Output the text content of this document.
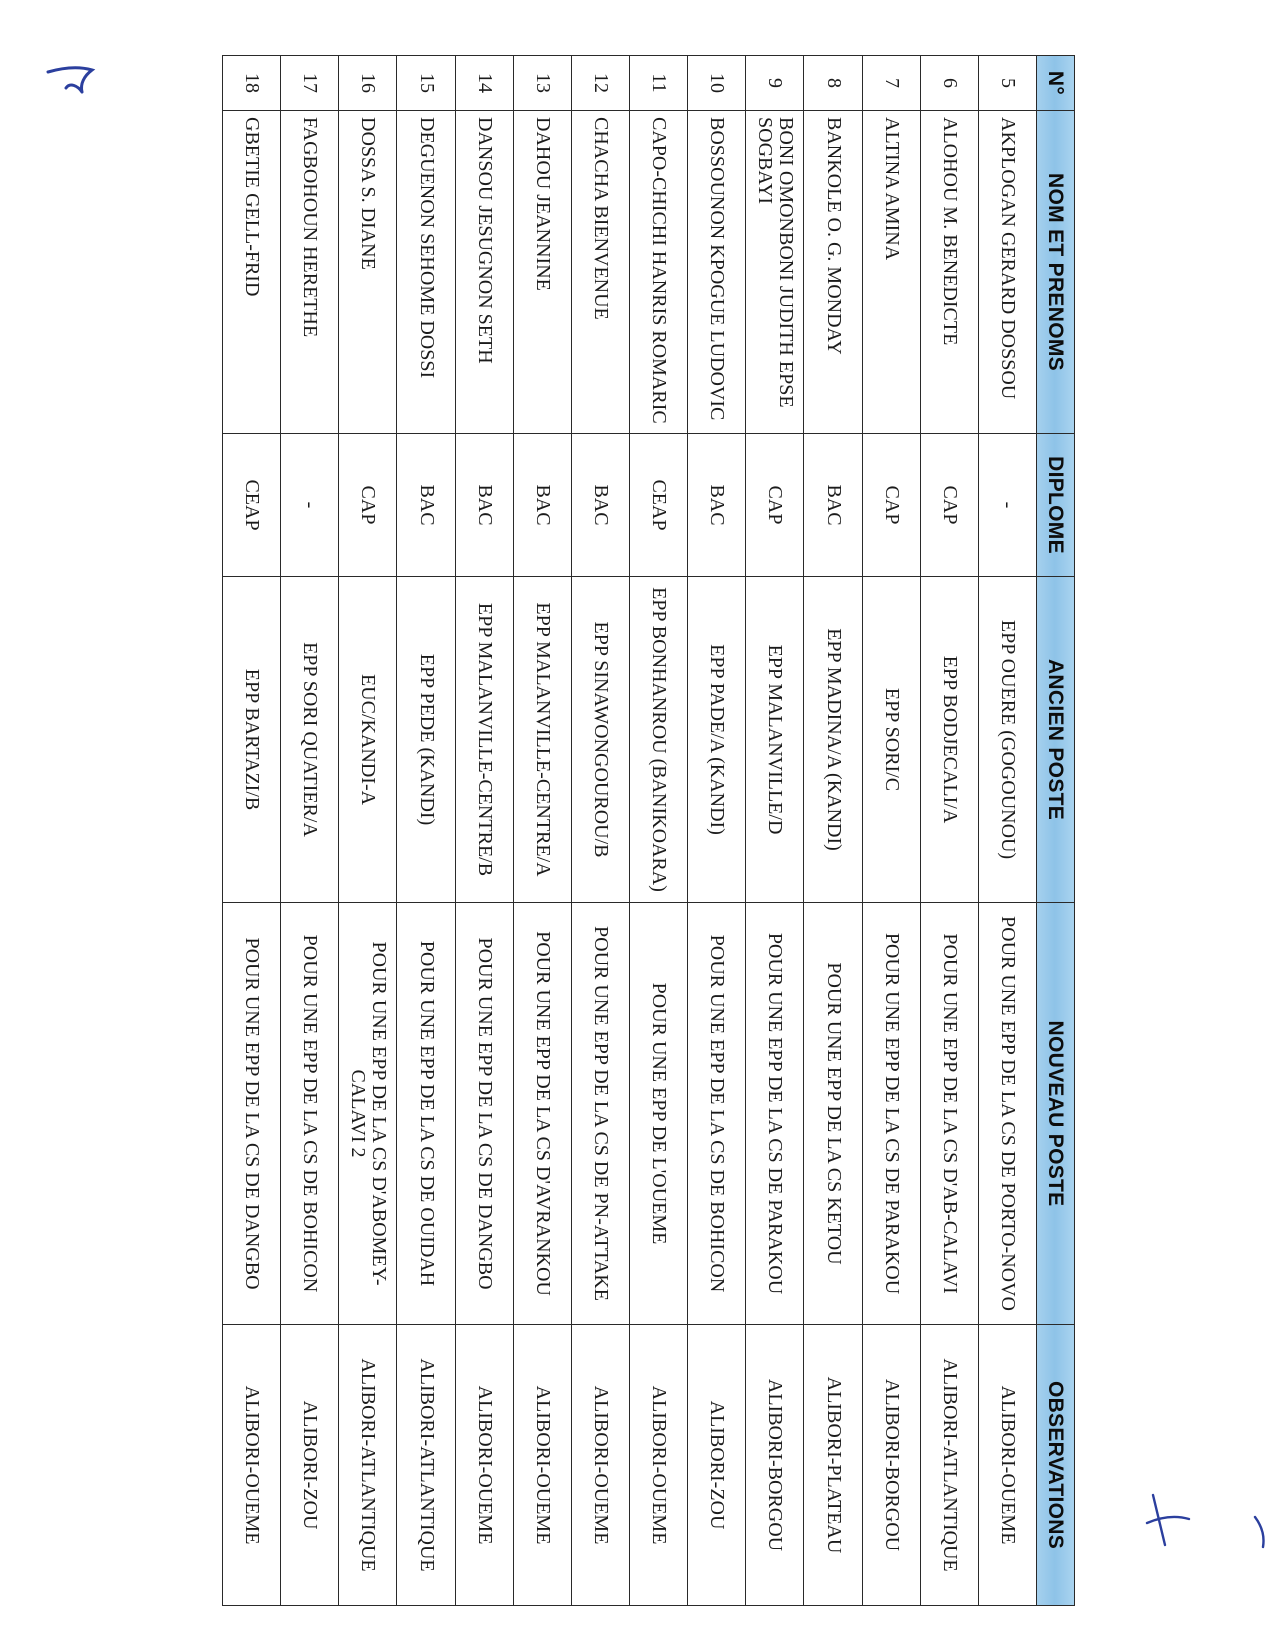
N°	NOM ET PRENOMS	DIPLOME	ANCIEN POSTE	NOUVEAU POSTE	OBSERVATIONS
5	AKPLOGAN GERARD DOSSOU	-	EPP OUERE (GOGOUNOU)	POUR UNE EPP DE LA CS DE PORTO-NOVO	ALIBORI-OUEME
6	ALOHOU M. BENEDICTE	CAP	EPP BODJECALI/A	POUR UNE EPP DE LA CS D'AB-CALAVI	ALIBORI-ATLANTIQUE
7	ALTINA AMINA	CAP	EPP SORI/C	POUR UNE EPP DE LA CS DE PARAKOU	ALIBORI-BORGOU
8	BANKOLE O. G. MONDAY	BAC	EPP MADINA/A (KANDI)	POUR UNE EPP DE LA CS KETOU	ALIBORI-PLATEAU
9	BONI OMONBONI JUDITH EPSE SOGBAYI	CAP	EPP MALANVILLE/D	POUR UNE EPP DE LA CS DE PARAKOU	ALIBORI-BORGOU
10	BOSSOUNON KPOGUE LUDOVIC	BAC	EPP PADE/A (KANDI)	POUR UNE EPP DE LA CS DE BOHICON	ALIBORI-ZOU
11	CAPO-CHICHI HANRIS ROMARIC	CEAP	EPP BONHANROU (BANIKOARA)	POUR UNE EPP DE L'OUEME	ALIBORI-OUEME
12	CHACHA BIENVENUE	BAC	EPP SINAWONGOUROU/B	POUR UNE EPP DE LA CS DE PN-ATTAKE	ALIBORI-OUEME
13	DAHOU JEANNINE	BAC	EPP MALANVILLE-CENTRE/A	POUR UNE EPP DE LA CS D'AVRANKOU	ALIBORI-OUEME
14	DANSOU JESUGNON SETH	BAC	EPP MALANVILLE-CENTRE/B	POUR UNE EPP DE LA CS DE DANGBO	ALIBORI-OUEME
15	DEGUENON SEHOME DOSSI	BAC	EPP PEDE (KANDI)	POUR UNE EPP DE LA CS DE OUIDAH	ALIBORI-ATLANTIQUE
16	DOSSA S. DIANE	CAP	EUC/KANDI-A	POUR UNE EPP DE LA CS D'ABOMEY-CALAVI 2	ALIBORI-ATLANTIQUE
17	FAGBOHOUN HERETHE	-	EPP SORI QUATIER/A	POUR UNE EPP DE LA CS DE BOHICON	ALIBORI-ZOU
18	GBETIE GELL-FRID	CEAP	EPP BARTAZI/B	POUR UNE EPP DE LA CS DE DANGBO	ALIBORI-OUEME
